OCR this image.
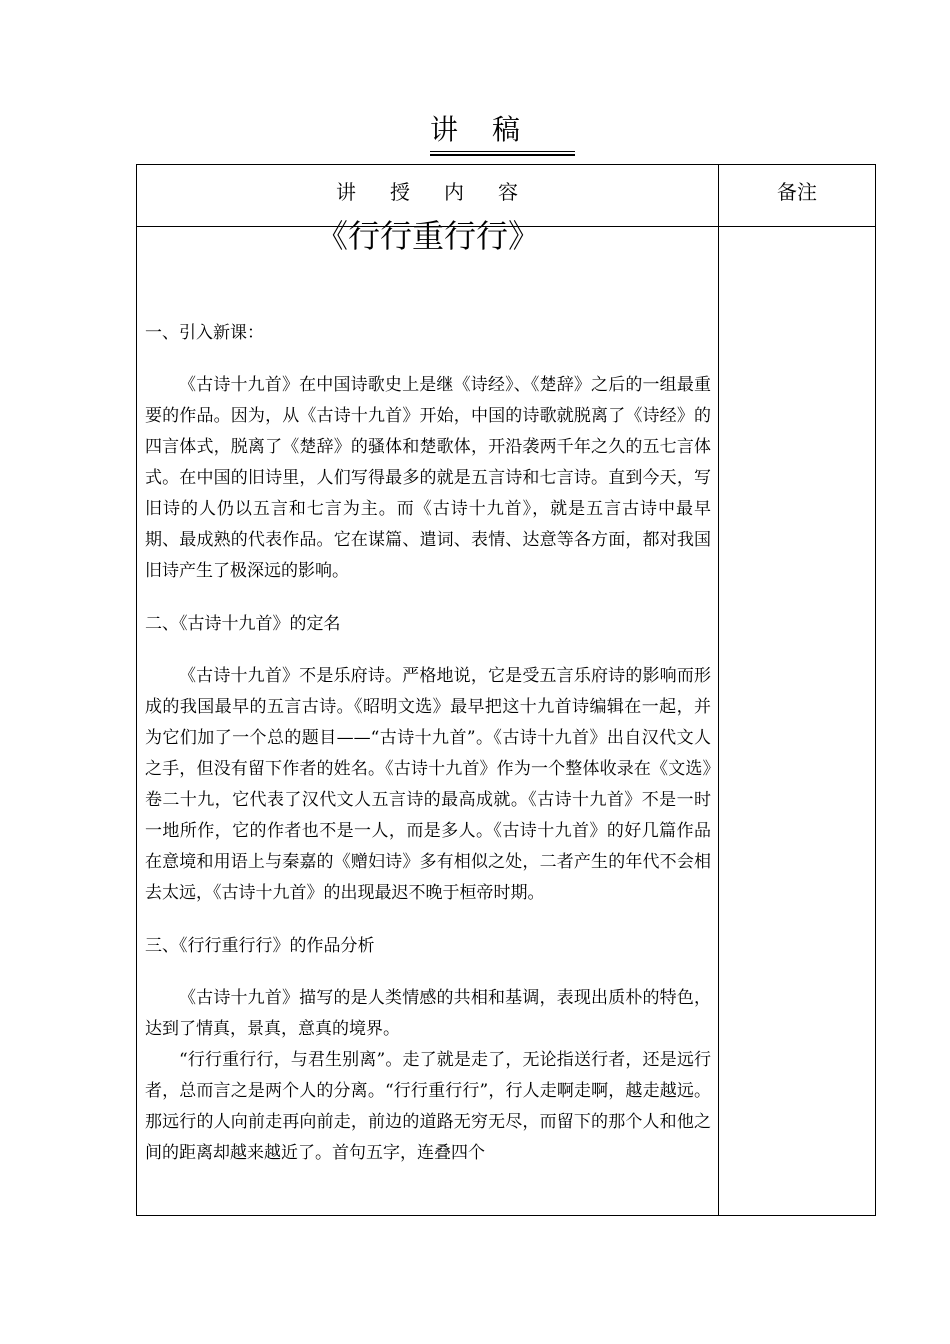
讲稿
讲授内容	备注
《行行重行行》
一、引入新课：
《古诗十九首》在中国诗歌史上是继《诗经》、《楚辞》之后的一组最重要的作品。因为，从《古诗十九首》开始，中国的诗歌就脱离了《诗经》的四言体式，脱离了《楚辞》的骚体和楚歌体，开沿袭两千年之久的五七言体式。在中国的旧诗里，人们写得最多的就是五言诗和七言诗。直到今天，写旧诗的人仍以五言和七言为主。而《古诗十九首》，就是五言古诗中最早期、最成熟的代表作品。它在谋篇、遣词、表情、达意等各方面，都对我国旧诗产生了极深远的影响。
二、《古诗十九首》的定名
《古诗十九首》不是乐府诗。严格地说，它是受五言乐府诗的影响而形成的我国最早的五言古诗。《昭明文选》最早把这十九首诗编辑在一起，并为它们加了一个总的题目——“古诗十九首”。《古诗十九首》出自汉代文人之手，但没有留下作者的姓名。《古诗十九首》作为一个整体收录在《文选》卷二十九，它代表了汉代文人五言诗的最高成就。《古诗十九首》不是一时一地所作，它的作者也不是一人，而是多人。《古诗十九首》的好几篇作品在意境和用语上与秦嘉的《赠妇诗》多有相似之处，二者产生的年代不会相去太远，《古诗十九首》的出现最迟不晚于桓帝时期。
三、《行行重行行》的作品分析
《古诗十九首》描写的是人类情感的共相和基调，表现出质朴的特色，达到了情真，景真，意真的境界。
“行行重行行，与君生别离”。走了就是走了，无论指送行者，还是远行者，总而言之是两个人的分离。“行行重行行”，行人走啊走啊，越走越远。那远行的人向前走再向前走，前边的道路无穷无尽，而留下的那个人和他之间的距离却越来越近了。首句五字，连叠四个
